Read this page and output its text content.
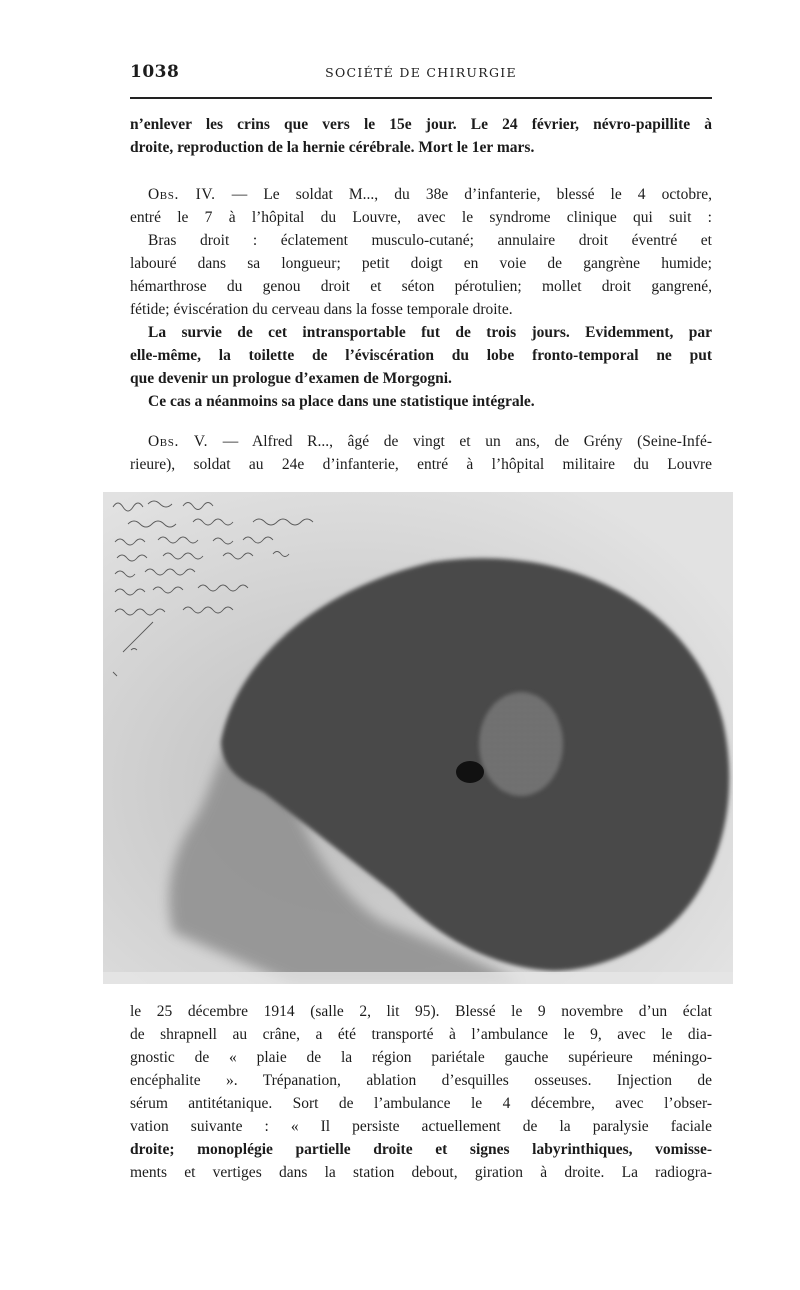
1038	SOCIÉTÉ DE CHIRURGIE
n’enlever les crins que vers le 15e jour. Le 24 février, névro-papillite à
droite, reproduction de la hernie cérébrale. Mort le 1er mars.
Obs. IV. — Le soldat M..., du 38e d’infanterie, blessé le 4 octobre,
entré le 7 à l’hôpital du Louvre, avec le syndrome clinique qui suit :
Bras droit : éclatement musculo-cutané; annulaire droit éventré et
labouré dans sa longueur; petit doigt en voie de gangrène humide;
hémarthrose du genou droit et séton pérotulien; mollet droit gangrené,
fétide; éviscération du cerveau dans la fosse temporale droite.
La survie de cet intransportable fut de trois jours. Evidemment, par
elle-même, la toilette de l’éviscération du lobe fronto-temporal ne put
que devenir un prologue d’examen de Morgogni.
Ce cas a néanmoins sa place dans une statistique intégrale.
Obs. V. — Alfred R..., âgé de vingt et un ans, de Grény (Seine-Infé-
rieure), soldat au 24e d’infanterie, entré à l’hôpital militaire du Louvre
le 25 décembre 1914 (salle 2, lit 95). Blessé le 9 novembre d’un éclat
de shrapnell au crâne, a été transporté à l’ambulance le 9, avec le dia-
gnostic de « plaie de la région pariétale gauche supérieure méningo-
encéphalite ». Trépanation, ablation d’esquilles osseuses. Injection de
sérum antitétanique. Sort de l’ambulance le 4 décembre, avec l’obser-
vation suivante : « Il persiste actuellement de la paralysie faciale
droite; monoplégie partielle droite et signes labyrinthiques, vomisse-
ments et vertiges dans la station debout, giration à droite. La radiogra-
